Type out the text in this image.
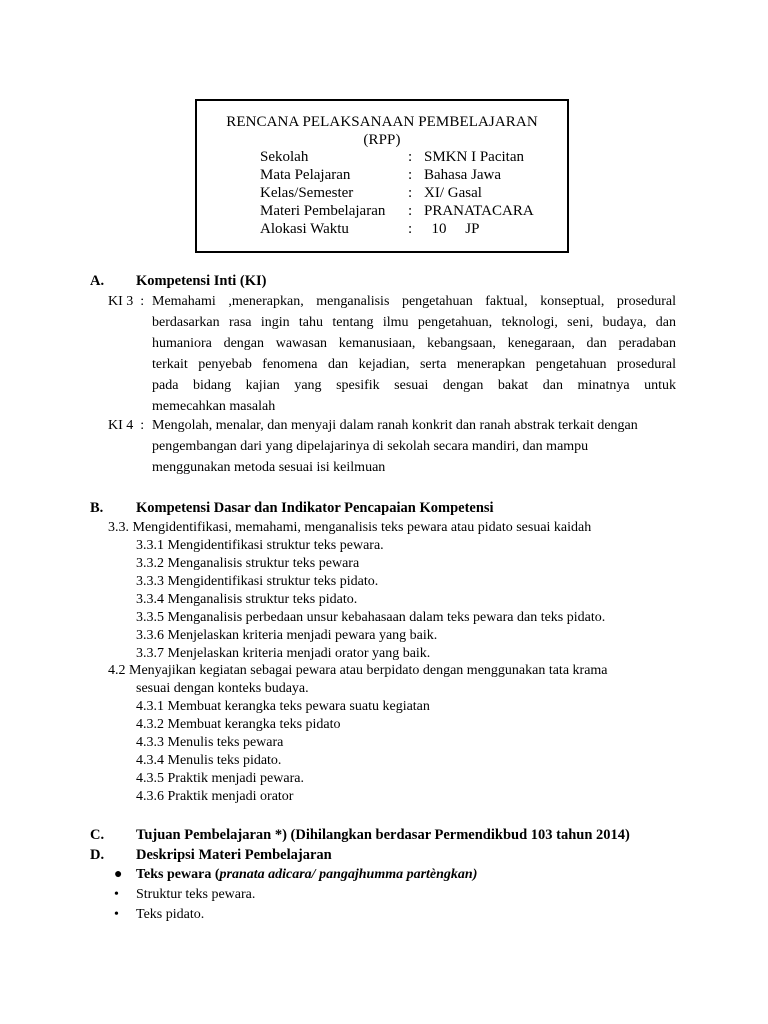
RENCANA PELAKSANAAN PEMBELAJARAN
(RPP)
Sekolah	: SMKN I Pacitan
Mata Pelajaran	: Bahasa Jawa
Kelas/Semester	: XI/ Gasal
Materi Pembelajaran : PRANATACARA
Alokasi Waktu	:  10     JP
A. Kompetensi Inti (KI)
KI 3  : Memahami ,menerapkan, menganalisis pengetahuan faktual, konseptual, prosedural
berdasarkan rasa ingin tahu tentang ilmu pengetahuan, teknologi, seni, budaya, dan
humaniora dengan wawasan kemanusiaan, kebangsaan, kenegaraan, dan peradaban
terkait penyebab fenomena dan kejadian, serta menerapkan pengetahuan prosedural
pada bidang kajian yang spesifik sesuai dengan bakat dan minatnya untuk
memecahkan masalah
KI 4  : Mengolah, menalar, dan menyaji dalam ranah konkrit dan ranah abstrak terkait dengan
pengembangan dari yang dipelajarinya di sekolah secara mandiri, dan mampu
menggunakan metoda sesuai isi keilmuan
B. Kompetensi Dasar dan Indikator Pencapaian Kompetensi
3.3. Mengidentifikasi, memahami, menganalisis teks pewara atau pidato sesuai kaidah
3.3.1 Mengidentifikasi struktur teks pewara.
3.3.2 Menganalisis struktur teks pewara
3.3.3 Mengidentifikasi struktur teks pidato.
3.3.4 Menganalisis struktur teks pidato.
3.3.5 Menganalisis perbedaan unsur kebahasaan dalam teks pewara dan teks pidato.
3.3.6 Menjelaskan kriteria menjadi pewara yang baik.
3.3.7 Menjelaskan kriteria menjadi orator yang baik.
4.2 Menyajikan kegiatan sebagai pewara atau berpidato dengan menggunakan tata krama
sesuai dengan konteks budaya.
4.3.1 Membuat kerangka teks pewara suatu kegiatan
4.3.2 Membuat kerangka teks pidato
4.3.3 Menulis teks pewara
4.3.4 Menulis teks pidato.
4.3.5 Praktik menjadi pewara.
4.3.6 Praktik menjadi orator
C. Tujuan Pembelajaran *) (Dihilangkan berdasar Permendikbud 103 tahun 2014)
D. Deskripsi Materi Pembelajaran
● Teks pewara (pranata adicara/ pangajhumma partèngkan)
• Struktur teks pewara.
• Teks pidato.
